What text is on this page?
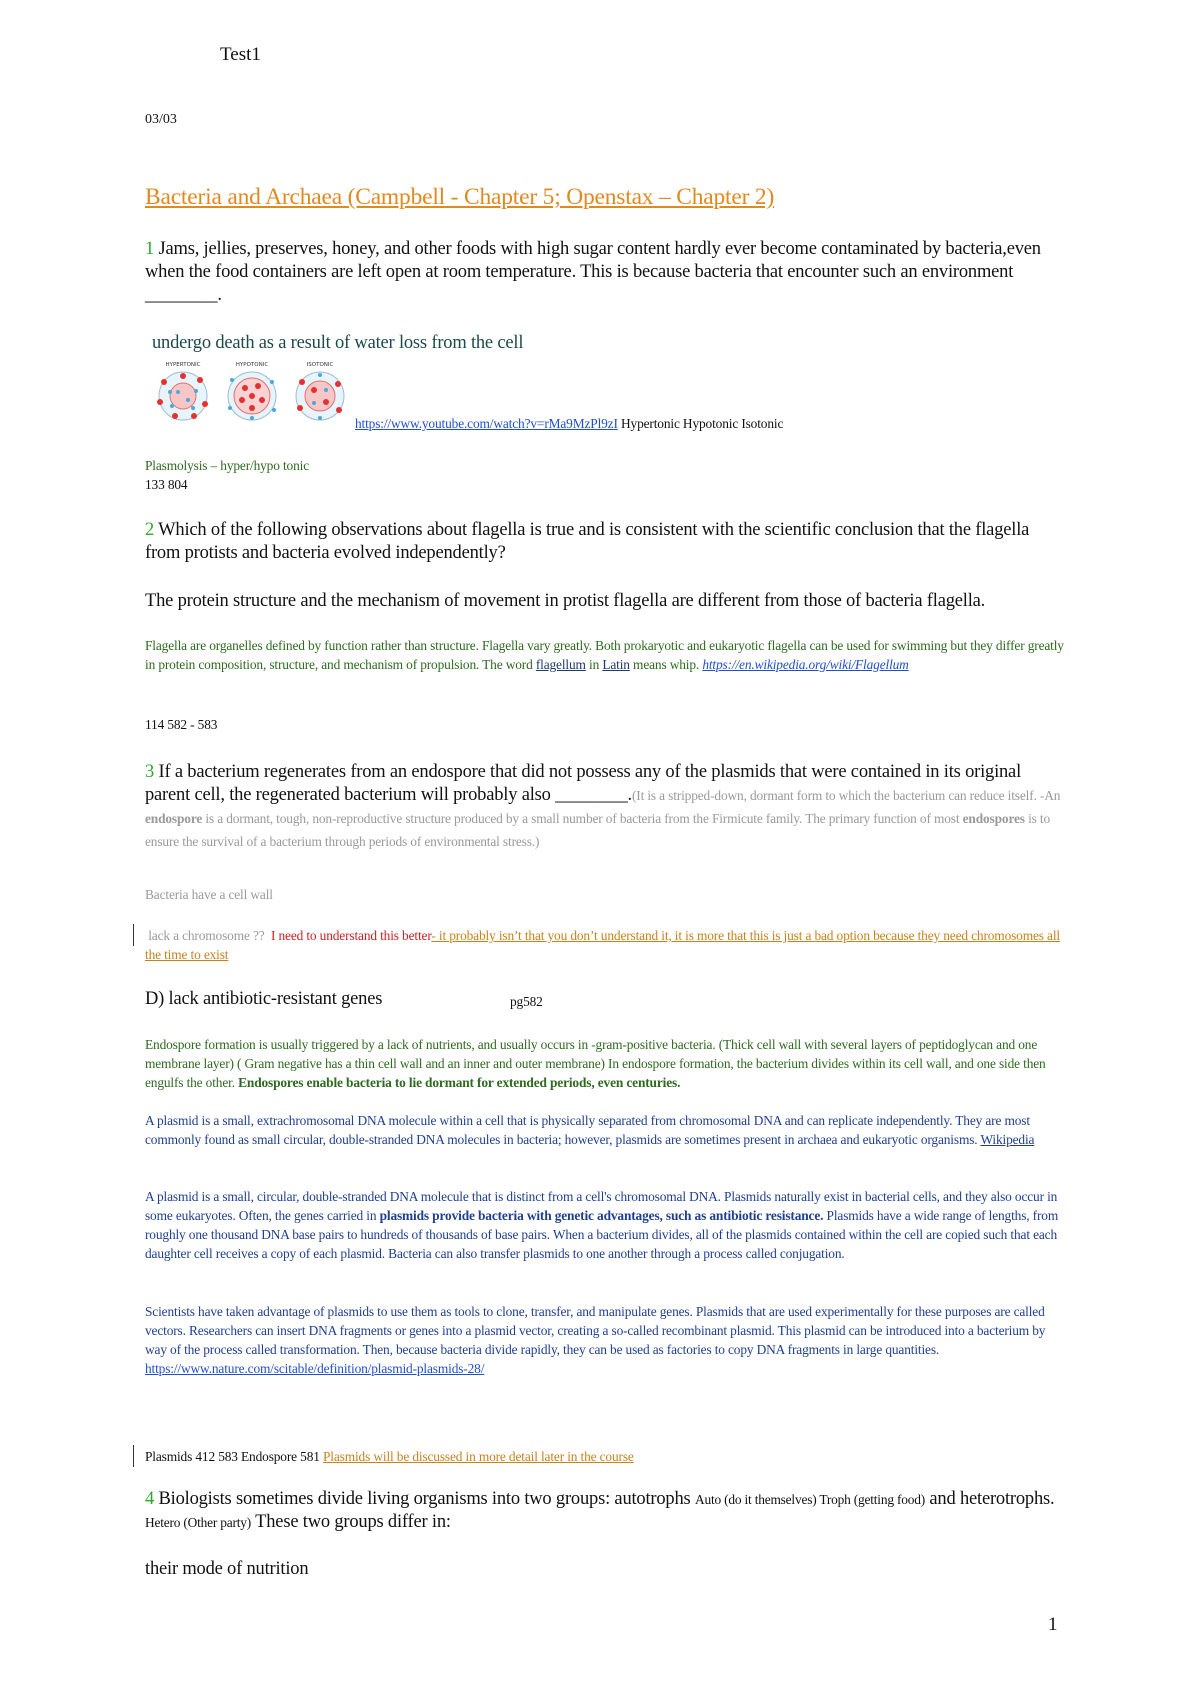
Test1
03/03
Bacteria and Archaea (Campbell - Chapter 5; Openstax – Chapter 2)
1 Jams, jellies, preserves, honey, and other foods with high sugar content hardly ever become contaminated by bacteria,even when the food containers are left open at room temperature. This is because bacteria that encounter such an environment ________.
undergo death as a result of water loss from the cell
HYPERTONIC	HYPOTONIC	ISOTONIC
https://www.youtube.com/watch?v=rMa9MzPl9zI Hypertonic Hypotonic Isotonic
Plasmolysis – hyper/hypo tonic
133 804
2 Which of the following observations about flagella is true and is consistent with the scientific conclusion that the flagella from protists and bacteria evolved independently?
The protein structure and the mechanism of movement in protist flagella are different from those of bacteria flagella.
Flagella are organelles defined by function rather than structure. Flagella vary greatly. Both prokaryotic and eukaryotic flagella can be used for swimming but they differ greatly in protein composition, structure, and mechanism of propulsion. The word flagellum in Latin means whip. https://en.wikipedia.org/wiki/Flagellum
114 582 - 583
3 If a bacterium regenerates from an endospore that did not possess any of the plasmids that were contained in its original parent cell, the regenerated bacterium will probably also ________.(It is a stripped-down, dormant form to which the bacterium can reduce itself. -An endospore is a dormant, tough, non-reproductive structure produced by a small number of bacteria from the Firmicute family. The primary function of most endospores is to ensure the survival of a bacterium through periods of environmental stress.)
Bacteria have a cell wall
lack a chromosome ?? I need to understand this better- it probably isn’t that you don’t understand it, it is more that this is just a bad option because they need chromosomes all the time to exist
D) lack antibiotic-resistant genes	pg582
Endospore formation is usually triggered by a lack of nutrients, and usually occurs in -gram-positive bacteria. (Thick cell wall with several layers of peptidoglycan and one membrane layer) ( Gram negative has a thin cell wall and an inner and outer membrane) In endospore formation, the bacterium divides within its cell wall, and one side then engulfs the other. Endospores enable bacteria to lie dormant for extended periods, even centuries.
A plasmid is a small, extrachromosomal DNA molecule within a cell that is physically separated from chromosomal DNA and can replicate independently. They are most commonly found as small circular, double-stranded DNA molecules in bacteria; however, plasmids are sometimes present in archaea and eukaryotic organisms. Wikipedia
A plasmid is a small, circular, double-stranded DNA molecule that is distinct from a cell's chromosomal DNA. Plasmids naturally exist in bacterial cells, and they also occur in some eukaryotes. Often, the genes carried in plasmids provide bacteria with genetic advantages, such as antibiotic resistance. Plasmids have a wide range of lengths, from roughly one thousand DNA base pairs to hundreds of thousands of base pairs. When a bacterium divides, all of the plasmids contained within the cell are copied such that each daughter cell receives a copy of each plasmid. Bacteria can also transfer plasmids to one another through a process called conjugation.
Scientists have taken advantage of plasmids to use them as tools to clone, transfer, and manipulate genes. Plasmids that are used experimentally for these purposes are called vectors. Researchers can insert DNA fragments or genes into a plasmid vector, creating a so-called recombinant plasmid. This plasmid can be introduced into a bacterium by way of the process called transformation. Then, because bacteria divide rapidly, they can be used as factories to copy DNA fragments in large quantities.
https://www.nature.com/scitable/definition/plasmid-plasmids-28/
Plasmids 412 583 Endospore 581 Plasmids will be discussed in more detail later in the course
4 Biologists sometimes divide living organisms into two groups: autotrophs Auto (do it themselves) Troph (getting food) and heterotrophs. Hetero (Other party) These two groups differ in:
their mode of nutrition
1
